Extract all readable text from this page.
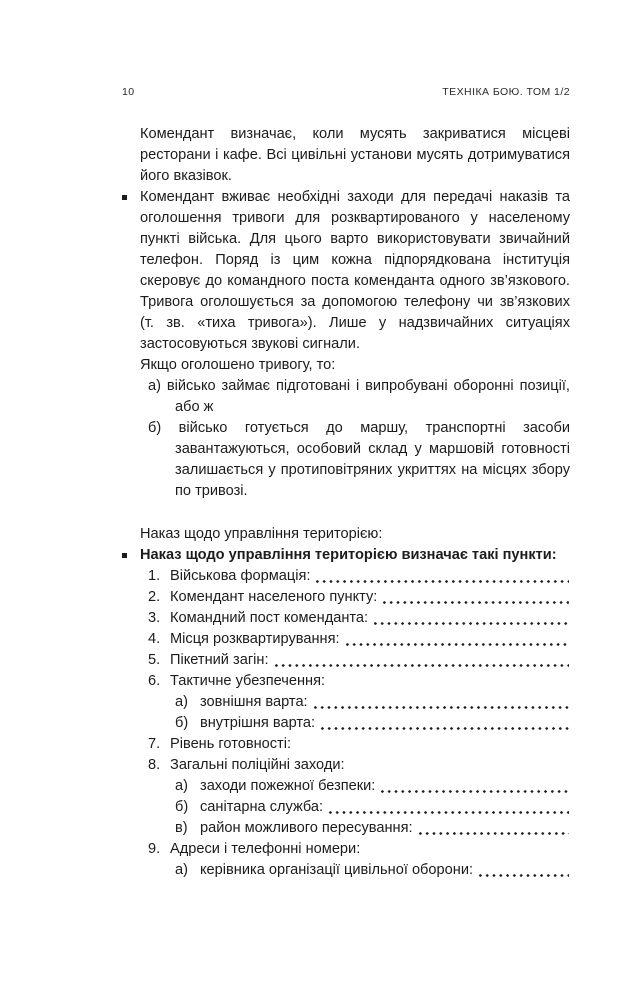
10	ТЕХНІКА БОЮ. ТОМ 1/2

Комендант визначає, коли мусять закриватися місцеві ресторани і кафе. Всі цивільні установи мусять дотримуватися його вказівок.

Комендант вживає необхідні заходи для передачі наказів та оголошення тривоги для розквартированого у населеному пункті війська. Для цього варто використовувати звичайний телефон. Поряд із цим кожна підпорядкована інституція скеровує до командного поста коменданта одного зв’язкового. Тривога оголошується за допомогою телефону чи зв’язкових (т. зв. «тиха тривога»). Лише у надзвичайних ситуаціях застосовуються звукові сигнали.

Якщо оголошено тривогу, то:

а) військо займає підготовані і випробувані оборонні позиції, або ж

б) військо готується до маршу, транспортні засоби завантажуються, особовий склад у маршовій готовності залишається у протиповітряних укриттях на місцях збору по тривозі.

Наказ щодо управління територією:

Наказ щодо управління територією визначає такі пункти:

1. Військова формація:
2. Комендант населеного пункту:
3. Командний пост коменданта:
4. Місця розквартирування:
5. Пікетний загін:
6. Тактичне убезпечення:
а) зовнішня варта:
б) внутрішня варта:
7. Рівень готовності:
8. Загальні поліційні заходи:
а) заходи пожежної безпеки:
б) санітарна служба:
в) район можливого пересування:
9. Адреси і телефонні номери:
а) керівника організації цивільної оборони:
